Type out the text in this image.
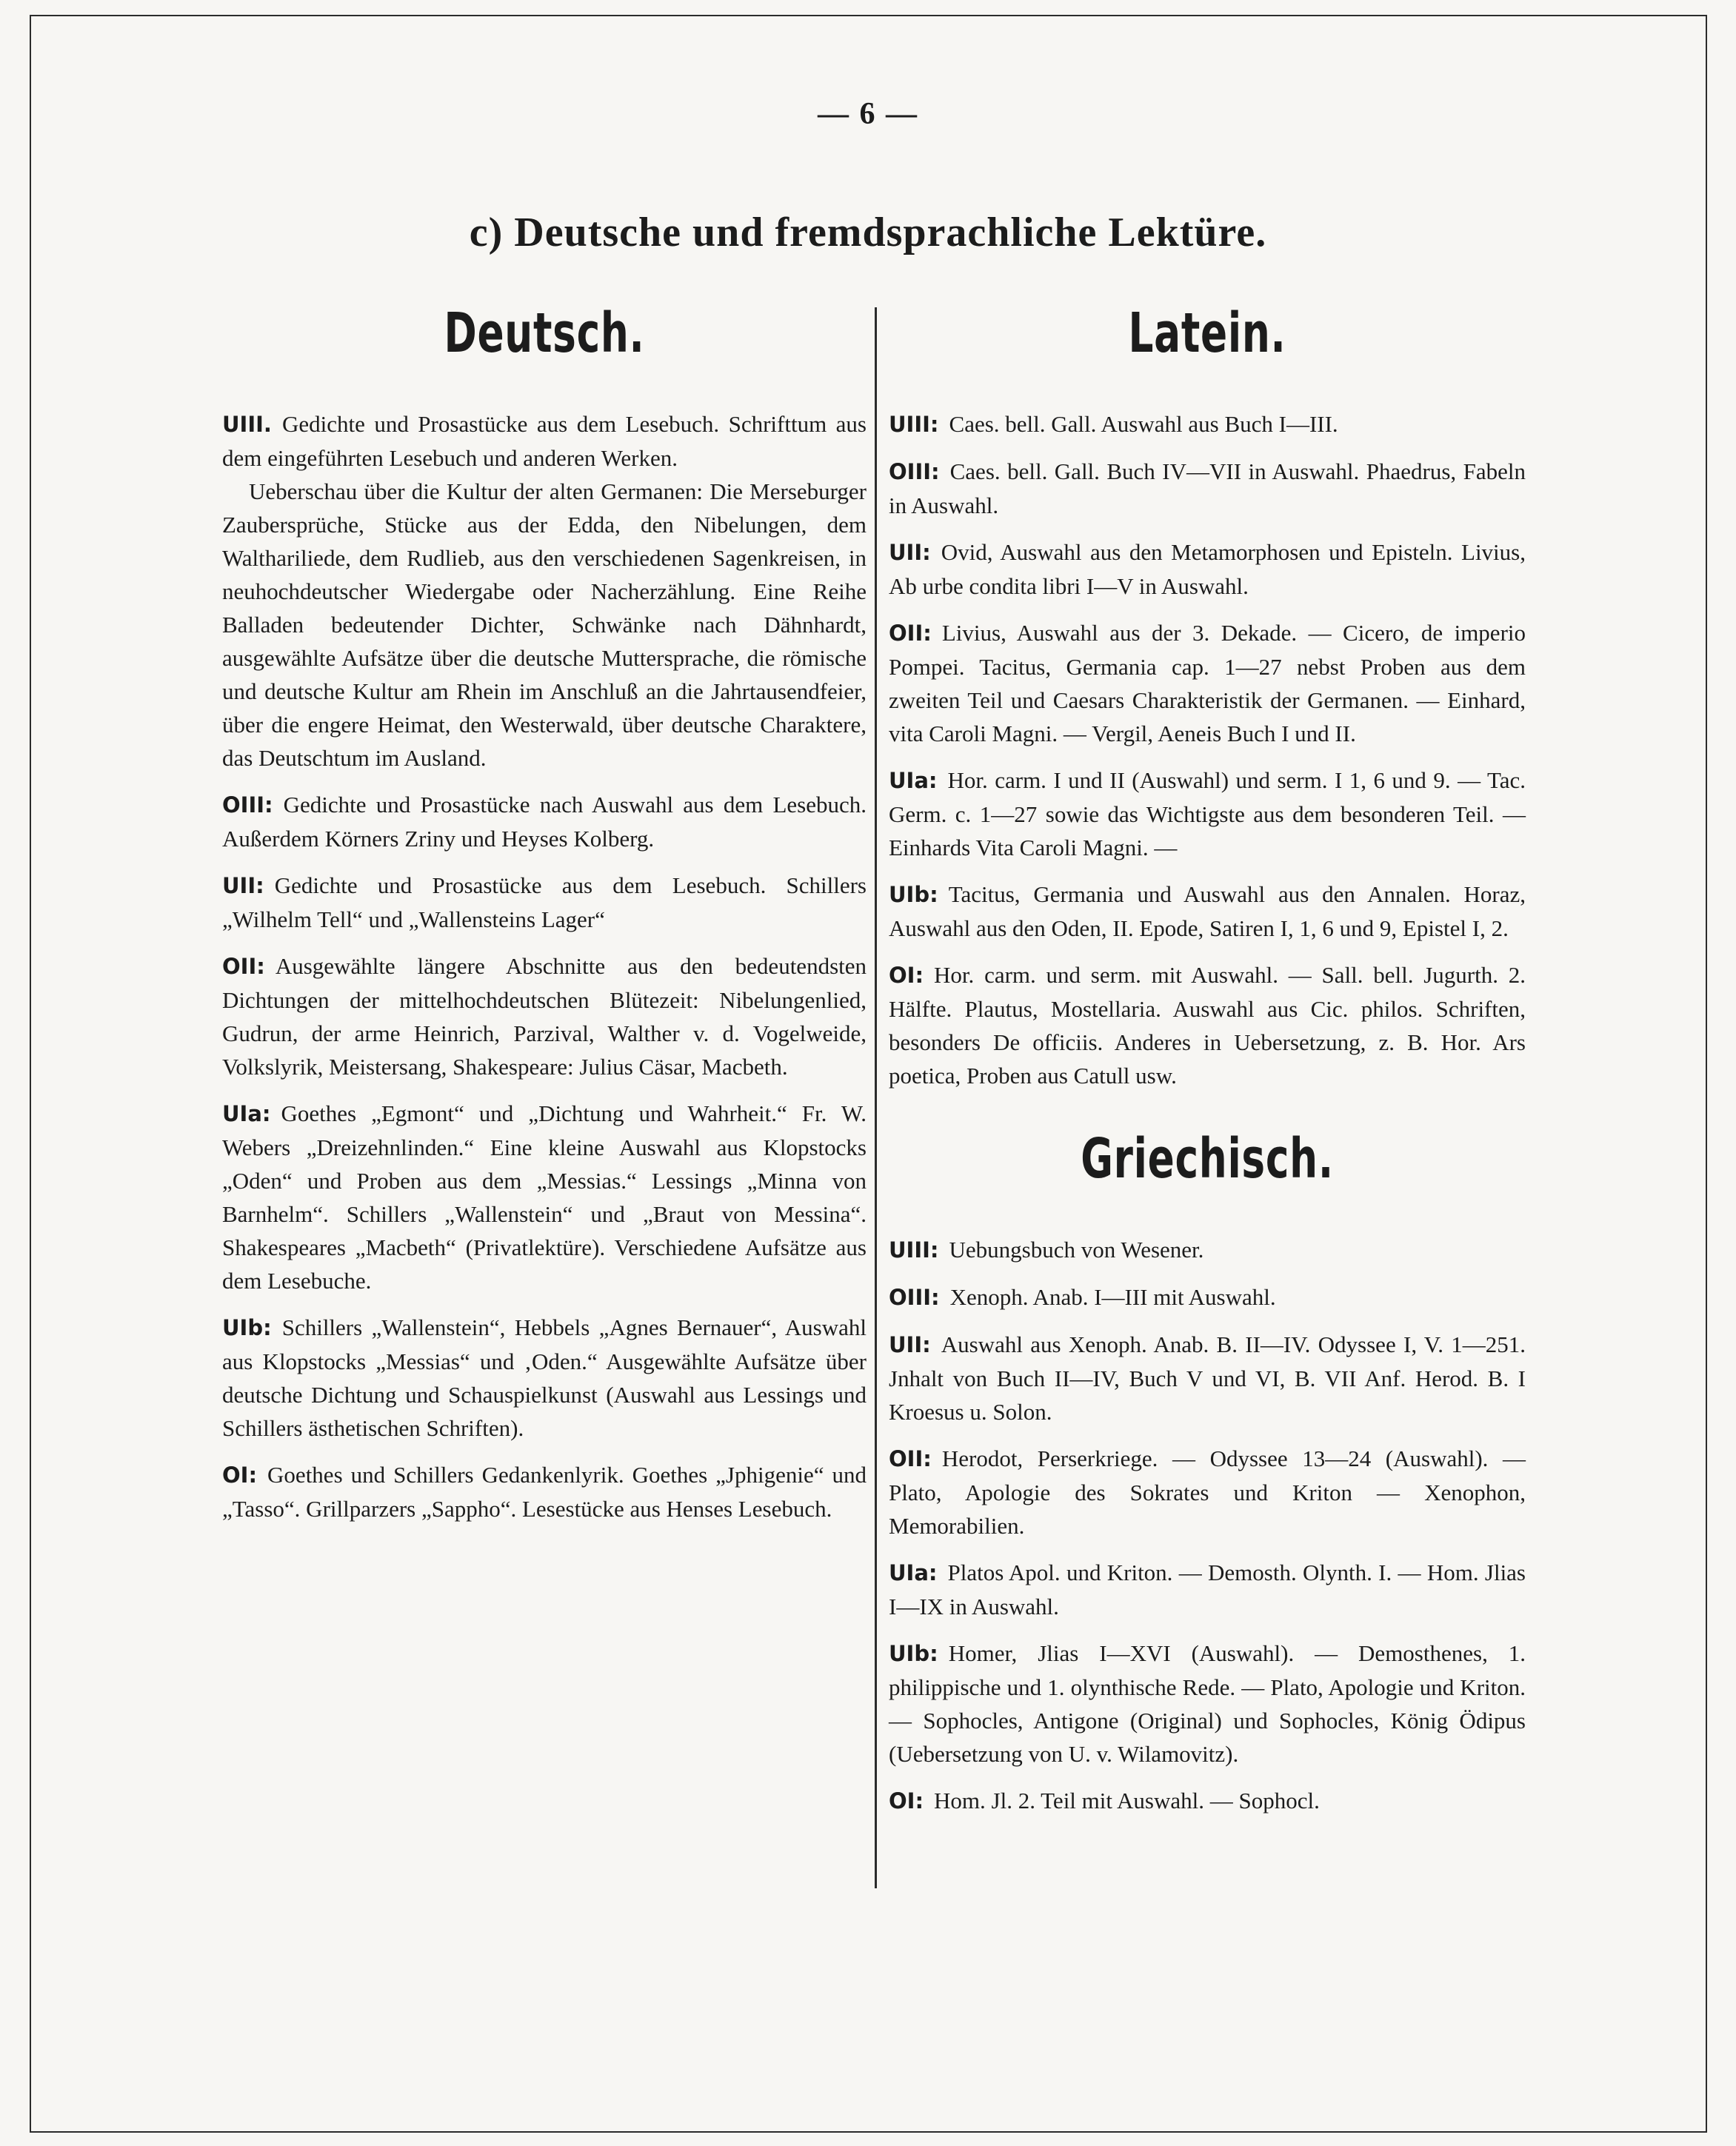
— 6 —
c) Deutsche und fremdsprachliche Lektüre.
Deutsch.

UIII. Gedichte und Prosastücke aus dem Lesebuch. Schrifttum aus dem eingeführten Lesebuch und anderen Werken.

Ueberschau über die Kultur der alten Germanen: Die Merseburger Zaubersprüche, Stücke aus der Edda, den Nibelungen, dem Walthariliede, dem Rudlieb, aus den verschiedenen Sagenkreisen, in neuhochdeutscher Wiedergabe oder Nacherzählung. Eine Reihe Balladen bedeutender Dichter, Schwänke nach Dähnhardt, ausgewählte Aufsätze über die deutsche Muttersprache, die römische und deutsche Kultur am Rhein im Anschluß an die Jahrtausendfeier, über die engere Heimat, den Westerwald, über deutsche Charaktere, das Deutschtum im Ausland.

OIII: Gedichte und Prosastücke nach Auswahl aus dem Lesebuch. Außerdem Körners Zriny und Heyses Kolberg.

UII: Gedichte und Prosastücke aus dem Lesebuch. Schillers „Wilhelm Tell“ und „Wallensteins Lager“

OII: Ausgewählte längere Abschnitte aus den bedeutendsten Dichtungen der mittelhochdeutschen Blütezeit: Nibelungenlied, Gudrun, der arme Heinrich, Parzival, Walther v. d. Vogelweide, Volkslyrik, Meistersang, Shakespeare: Julius Cäsar, Macbeth.

UIa: Goethes „Egmont“ und „Dichtung und Wahrheit.“ Fr. W. Webers „Dreizehnlinden.“ Eine kleine Auswahl aus Klopstocks „Oden“ und Proben aus dem „Messias.“ Lessings „Minna von Barnhelm“. Schillers „Wallenstein“ und „Braut von Messina“. Shakespeares „Macbeth“ (Privatlektüre). Verschiedene Aufsätze aus dem Lesebuche.

UIb: Schillers „Wallenstein“, Hebbels „Agnes Bernauer“, Auswahl aus Klopstocks „Messias“ und ‚Oden.“ Ausgewählte Aufsätze über deutsche Dichtung und Schauspielkunst (Auswahl aus Lessings und Schillers ästhetischen Schriften).

OI: Goethes und Schillers Gedankenlyrik. Goethes „Jphigenie“ und „Tasso“. Grillparzers „Sappho“. Lesestücke aus Henses Lesebuch.

Latein.

UIII: Caes. bell. Gall. Auswahl aus Buch I—III.

OIII: Caes. bell. Gall. Buch IV—VII in Auswahl. Phaedrus, Fabeln in Auswahl.

UII: Ovid, Auswahl aus den Metamorphosen und Episteln. Livius, Ab urbe condita libri I—V in Auswahl.

OII: Livius, Auswahl aus der 3. Dekade. — Cicero, de imperio Pompei. Tacitus, Germania cap. 1—27 nebst Proben aus dem zweiten Teil und Caesars Charakteristik der Germanen. — Einhard, vita Caroli Magni. — Vergil, Aeneis Buch I und II.

UIa: Hor. carm. I und II (Auswahl) und serm. I 1, 6 und 9. — Tac. Germ. c. 1—27 sowie das Wichtigste aus dem besonderen Teil. — Einhards Vita Caroli Magni. —

UIb: Tacitus, Germania und Auswahl aus den Annalen. Horaz, Auswahl aus den Oden, II. Epode, Satiren I, 1, 6 und 9, Epistel I, 2.

OI: Hor. carm. und serm. mit Auswahl. — Sall. bell. Jugurth. 2. Hälfte. Plautus, Mostellaria. Auswahl aus Cic. philos. Schriften, besonders De officiis. Anderes in Uebersetzung, z. B. Hor. Ars poetica, Proben aus Catull usw.

Griechisch.

UIII: Uebungsbuch von Wesener.

OIII: Xenoph. Anab. I—III mit Auswahl.

UII: Auswahl aus Xenoph. Anab. B. II—IV. Odyssee I, V. 1—251. Jnhalt von Buch II—IV, Buch V und VI, B. VII Anf. Herod. B. I Kroesus u. Solon.

OII: Herodot, Perserkriege. — Odyssee 13—24 (Auswahl). — Plato, Apologie des Sokrates und Kriton — Xenophon, Memorabilien.

UIa: Platos Apol. und Kriton. — Demosth. Olynth. I. — Hom. Jlias I—IX in Auswahl.

UIb: Homer, Jlias I—XVI (Auswahl). — Demosthenes, 1. philippische und 1. olynthische Rede. — Plato, Apologie und Kriton. — Sophocles, Antigone (Original) und Sophocles, König Ödipus (Uebersetzung von U. v. Wilamovitz).

OI: Hom. Jl. 2. Teil mit Auswahl. — Sophocl.
